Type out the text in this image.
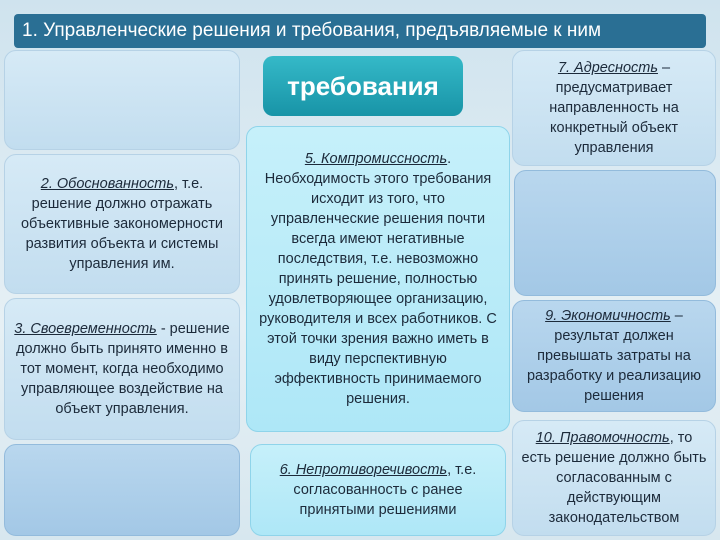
1. Управленческие решения и требования, предъявляемые к ним
2. Обоснованность, т.е. решение должно отражать объективные закономерности развития объекта и системы управления им.
3. Своевременность - решение должно быть принято именно в тот момент, когда необходимо управляющее воздействие на объект управления.
требования
5. Компромиссность. Необходимость этого требования исходит из того, что управленческие решения почти всегда имеют негативные последствия, т.е. невозможно принять решение, полностью удовлетворяющее организацию, руководителя и всех работников. С этой точки зрения важно иметь в виду перспективную эффективность принимаемого решения.
6. Непротиворечивость, т.е. согласованность с ранее принятыми решениями
7. Адресность – предусматривает направленность на конкретный объект управления
9. Экономичность – результат должен превышать затраты на разработку и реализацию решения
10. Правомочность, то есть решение должно быть согласованным с действующим законодательством
